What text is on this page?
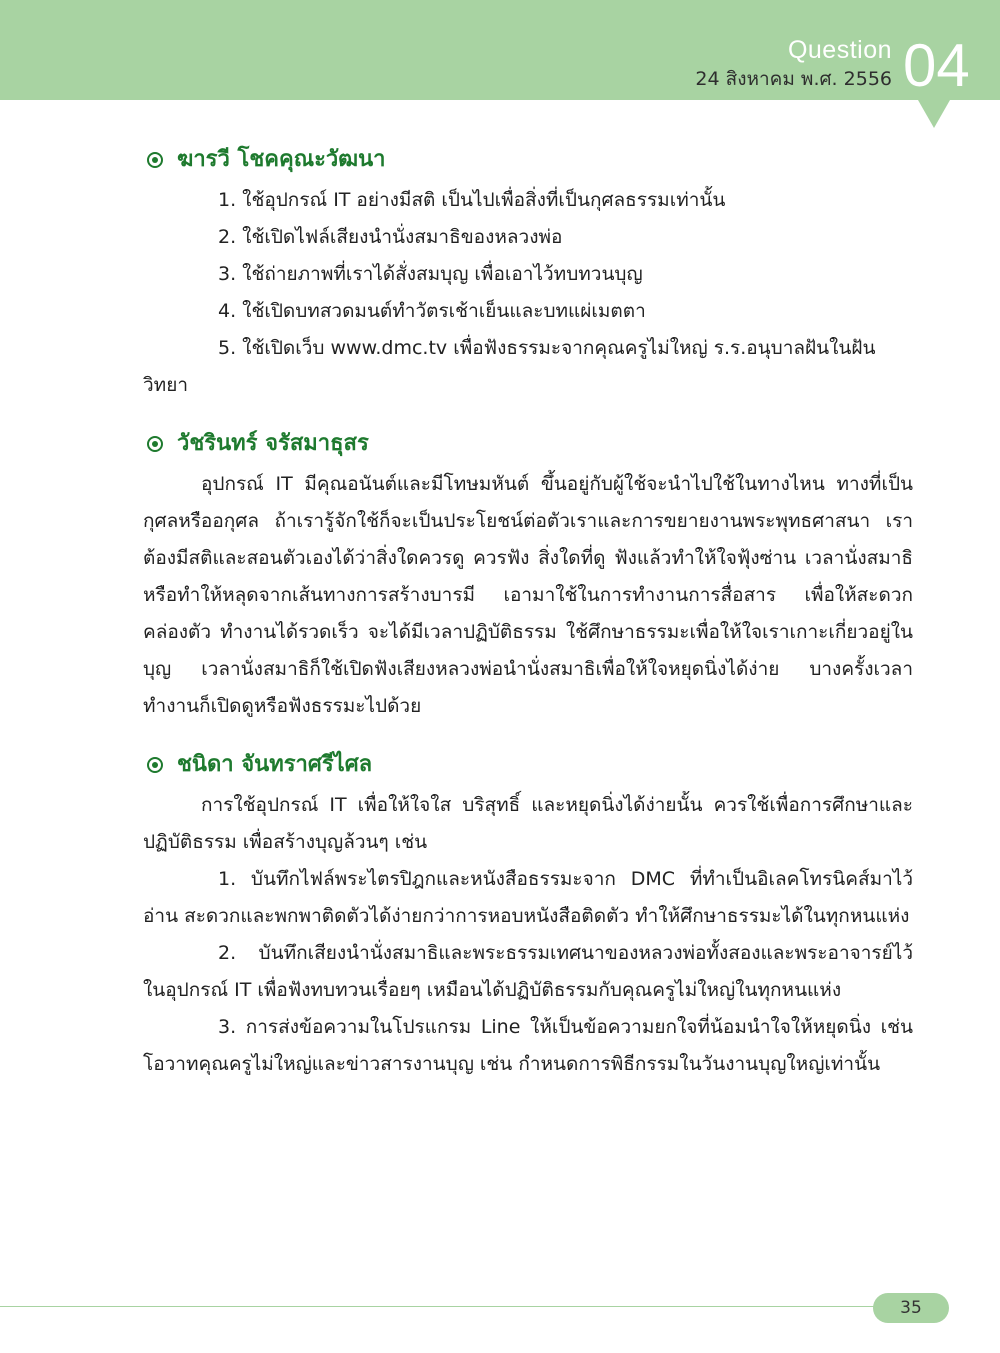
Question
24 สิงหาคม พ.ศ. 2556 04
ฆารวี โชคคุณะวัฒนา
1. ใช้อุปกรณ์ IT อย่างมีสติ เป็นไปเพื่อสิ่งที่เป็นกุศลธรรมเท่านั้น
2. ใช้เปิดไฟล์เสียงนำนั่งสมาธิของหลวงพ่อ
3. ใช้ถ่ายภาพที่เราได้สั่งสมบุญ เพื่อเอาไว้ทบทวนบุญ
4. ใช้เปิดบทสวดมนต์ทำวัตรเช้าเย็นและบทแผ่เมตตา
5. ใช้เปิดเว็บ www.dmc.tv เพื่อฟังธรรมะจากคุณครูไม่ใหญ่ ร.ร.อนุบาลฝันในฝัน วิทยา
วัชรินทร์ จรัสมาธุสร
อุปกรณ์ IT มีคุณอนันต์และมีโทษมหันต์ ขึ้นอยู่กับผู้ใช้จะนำไปใช้ในทางไหน ทางที่เป็นกุศลหรืออกุศล ถ้าเรารู้จักใช้ก็จะเป็นประโยชน์ต่อตัวเราและการขยายงานพระพุทธศาสนา เราต้องมีสติและสอนตัวเองได้ว่าสิ่งใดควรดู ควรฟัง สิ่งใดที่ดู ฟังแล้วทำให้ใจฟุ้งซ่าน เวลานั่งสมาธิ หรือทำให้หลุดจากเส้นทางการสร้างบารมี เอามาใช้ในการทำงานการสื่อสาร เพื่อให้สะดวก คล่องตัว ทำงานได้รวดเร็ว จะได้มีเวลาปฏิบัติธรรม ใช้ศึกษาธรรมะเพื่อให้ใจเราเกาะเกี่ยวอยู่ในบุญ เวลานั่งสมาธิก็ใช้เปิดฟังเสียงหลวงพ่อนำนั่งสมาธิเพื่อให้ใจหยุดนิ่งได้ง่าย บางครั้งเวลาทำงานก็เปิดดูหรือฟังธรรมะไปด้วย
ชนิดา จันทราศรีไศล
การใช้อุปกรณ์ IT เพื่อให้ใจใส บริสุทธิ์ และหยุดนิ่งได้ง่ายนั้น ควรใช้เพื่อการศึกษาและปฏิบัติธรรม เพื่อสร้างบุญล้วนๆ เช่น
1. บันทึกไฟล์พระไตรปิฎกและหนังสือธรรมะจาก DMC ที่ทำเป็นอิเลคโทรนิคส์มาไว้อ่าน สะดวกและพกพาติดตัวได้ง่ายกว่าการหอบหนังสือติดตัว ทำให้ศึกษาธรรมะได้ในทุกหนแห่ง
2. บันทึกเสียงนำนั่งสมาธิและพระธรรมเทศนาของหลวงพ่อทั้งสองและพระอาจารย์ไว้ในอุปกรณ์ IT เพื่อฟังทบทวนเรื่อยๆ เหมือนได้ปฏิบัติธรรมกับคุณครูไม่ใหญ่ในทุกหนแห่ง
3. การส่งข้อความในโปรแกรม Line ให้เป็นข้อความยกใจที่น้อมนำใจให้หยุดนิ่ง เช่น โอวาทคุณครูไม่ใหญ่และข่าวสารงานบุญ เช่น กำหนดการพิธีกรรมในวันงานบุญใหญ่เท่านั้น
35
